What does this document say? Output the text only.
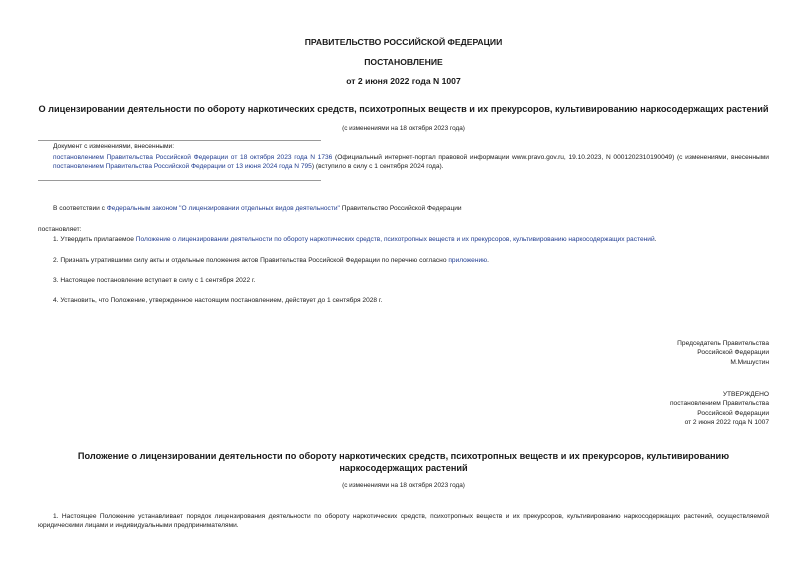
ПРАВИТЕЛЬСТВО РОССИЙСКОЙ ФЕДЕРАЦИИ
ПОСТАНОВЛЕНИЕ
от 2 июня 2022 года N 1007
О лицензировании деятельности по обороту наркотических средств, психотропных веществ и их прекурсоров, культивированию наркосодержащих растений
(с изменениями на 18 октября 2023 года)
Документ с изменениями, внесенными:
постановлением Правительства Российской Федерации от 18 октября 2023 года N 1736 (Официальный интернет-портал правовой информации www.pravo.gov.ru, 19.10.2023, N 0001202310190049) (с изменениями, внесенными постановлением Правительства Российской Федерации от 13 июня 2024 года N 795) (вступило в силу с 1 сентября 2024 года).
В соответствии с Федеральным законом "О лицензировании отдельных видов деятельности" Правительство Российской Федерации
постановляет:
1. Утвердить прилагаемое Положение о лицензировании деятельности по обороту наркотических средств, психотропных веществ и их прекурсоров, культивированию наркосодержащих растений.
2. Признать утратившими силу акты и отдельные положения актов Правительства Российской Федерации по перечню согласно приложению.
3. Настоящее постановление вступает в силу с 1 сентября 2022 г.
4. Установить, что Положение, утвержденное настоящим постановлением, действует до 1 сентября 2028 г.
Председатель Правительства
Российской Федерации
М.Мишустин
УТВЕРЖДЕНО
постановлением Правительства
Российской Федерации
от 2 июня 2022 года N 1007
Положение о лицензировании деятельности по обороту наркотических средств, психотропных веществ и их прекурсоров, культивированию наркосодержащих растений
(с изменениями на 18 октября 2023 года)
1. Настоящее Положение устанавливает порядок лицензирования деятельности по обороту наркотических средств, психотропных веществ и их прекурсоров, культивированию наркосодержащих растений, осуществляемой юридическими лицами и индивидуальными предпринимателями.
